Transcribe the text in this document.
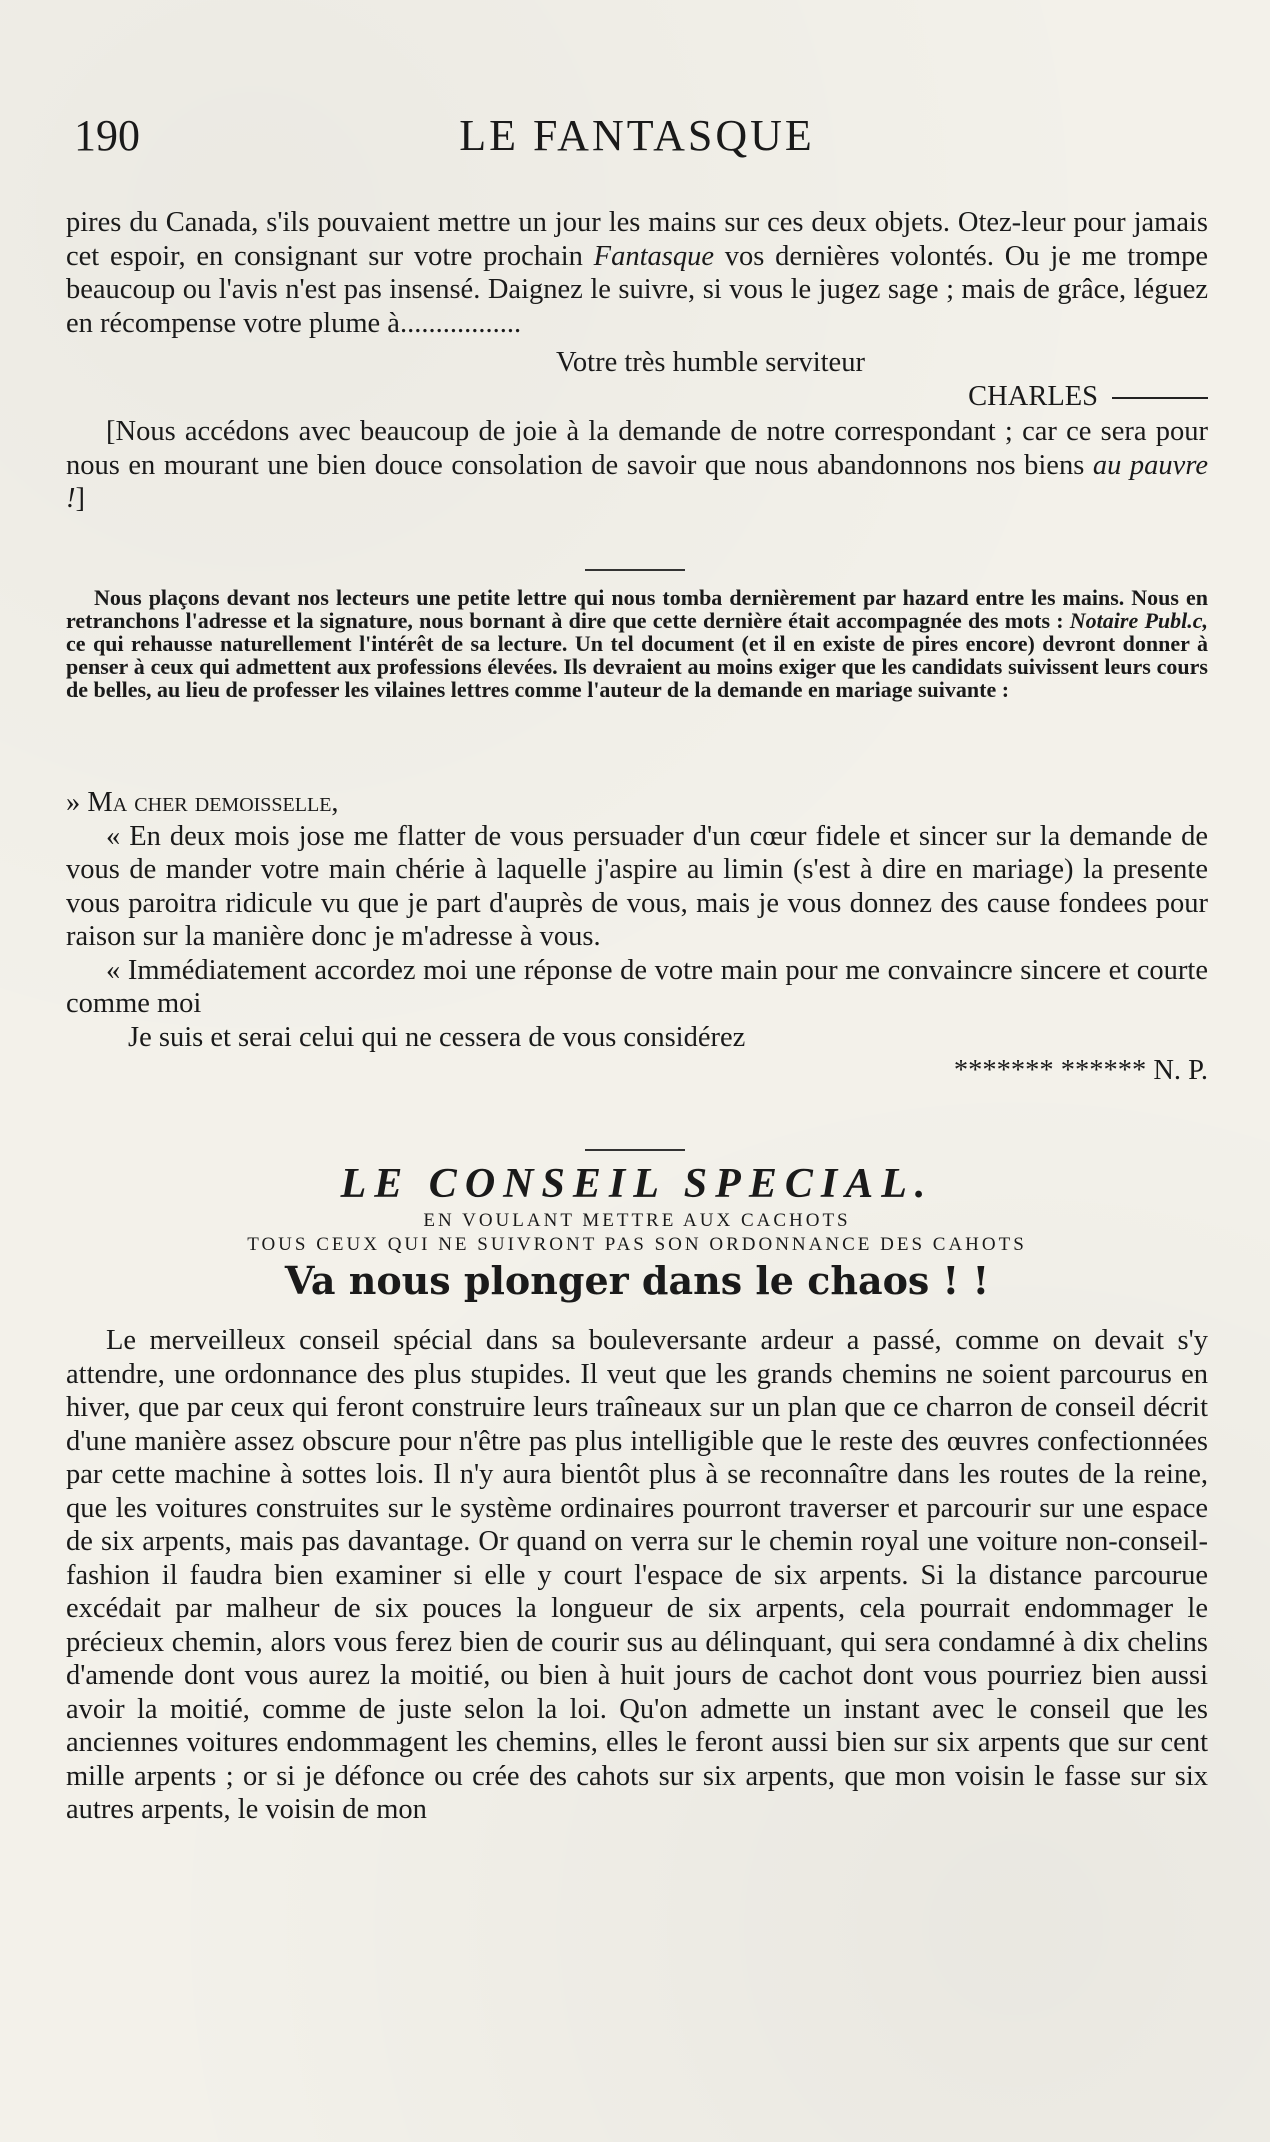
190	LE FANTASQUE

pires du Canada, s'ils pouvaient mettre un jour les mains sur ces deux objets. Otez-leur pour jamais cet espoir, en consignant sur votre prochain Fantasque vos dernières volontés. Ou je me trompe beaucoup ou l'avis n'est pas insensé. Daignez le suivre, si vous le jugez sage ; mais de grâce, léguez en récompense votre plume à.................

Votre très humble serviteur

CHARLES

[Nous accédons avec beaucoup de joie à la demande de notre correspondant ; car ce sera pour nous en mourant une bien douce consolation de savoir que nous abandonnons nos biens au pauvre !]

Nous plaçons devant nos lecteurs une petite lettre qui nous tomba dernièrement par hazard entre les mains. Nous en retranchons l'adresse et la signature, nous bornant à dire que cette dernière était accompagnée des mots : Notaire Publ.c, ce qui rehausse naturellement l'intérêt de sa lecture. Un tel document (et il en existe de pires encore) devront donner à penser à ceux qui admettent aux professions élevées. Ils devraient au moins exiger que les candidats suivissent leurs cours de belles, au lieu de professer les vilaines lettres comme l'auteur de la demande en mariage suivante :

» Ma cher demoisselle,

« En deux mois jose me flatter de vous persuader d'un cœur fidele et sincer sur la demande de vous de mander votre main chérie à laquelle j'aspire au limin (s'est à dire en mariage) la presente vous paroitra ridicule vu que je part d'auprès de vous, mais je vous donnez des cause fondees pour raison sur la manière donc je m'adresse à vous.

« Immédiatement accordez moi une réponse de votre main pour me convaincre sincere et courte comme moi

Je suis et serai celui qui ne cessera de vous considérez

******* ****** N. P.

LE CONSEIL SPECIAL.

EN VOULANT METTRE AUX CACHOTS

TOUS CEUX QUI NE SUIVRONT PAS SON ORDONNANCE DES CAHOTS

Va nous plonger dans le chaos ! !

Le merveilleux conseil spécial dans sa bouleversante ardeur a passé, comme on devait s'y attendre, une ordonnance des plus stupides. Il veut que les grands chemins ne soient parcourus en hiver, que par ceux qui feront construire leurs traîneaux sur un plan que ce charron de conseil décrit d'une manière assez obscure pour n'être pas plus intelligible que le reste des œuvres confectionnées par cette machine à sottes lois. Il n'y aura bientôt plus à se reconnaître dans les routes de la reine, que les voitures construites sur le système ordinaires pourront traverser et parcourir sur une espace de six arpents, mais pas davantage. Or quand on verra sur le chemin royal une voiture non-conseil-fashion il faudra bien examiner si elle y court l'espace de six arpents. Si la distance parcourue excédait par malheur de six pouces la longueur de six arpents, cela pourrait endommager le précieux chemin, alors vous ferez bien de courir sus au délinquant, qui sera condamné à dix chelins d'amende dont vous aurez la moitié, ou bien à huit jours de cachot dont vous pourriez bien aussi avoir la moitié, comme de juste selon la loi. Qu'on admette un instant avec le conseil que les anciennes voitures endommagent les chemins, elles le feront aussi bien sur six arpents que sur cent mille arpents ; or si je défonce ou crée des cahots sur six arpents, que mon voisin le fasse sur six autres arpents, le voisin de mon
